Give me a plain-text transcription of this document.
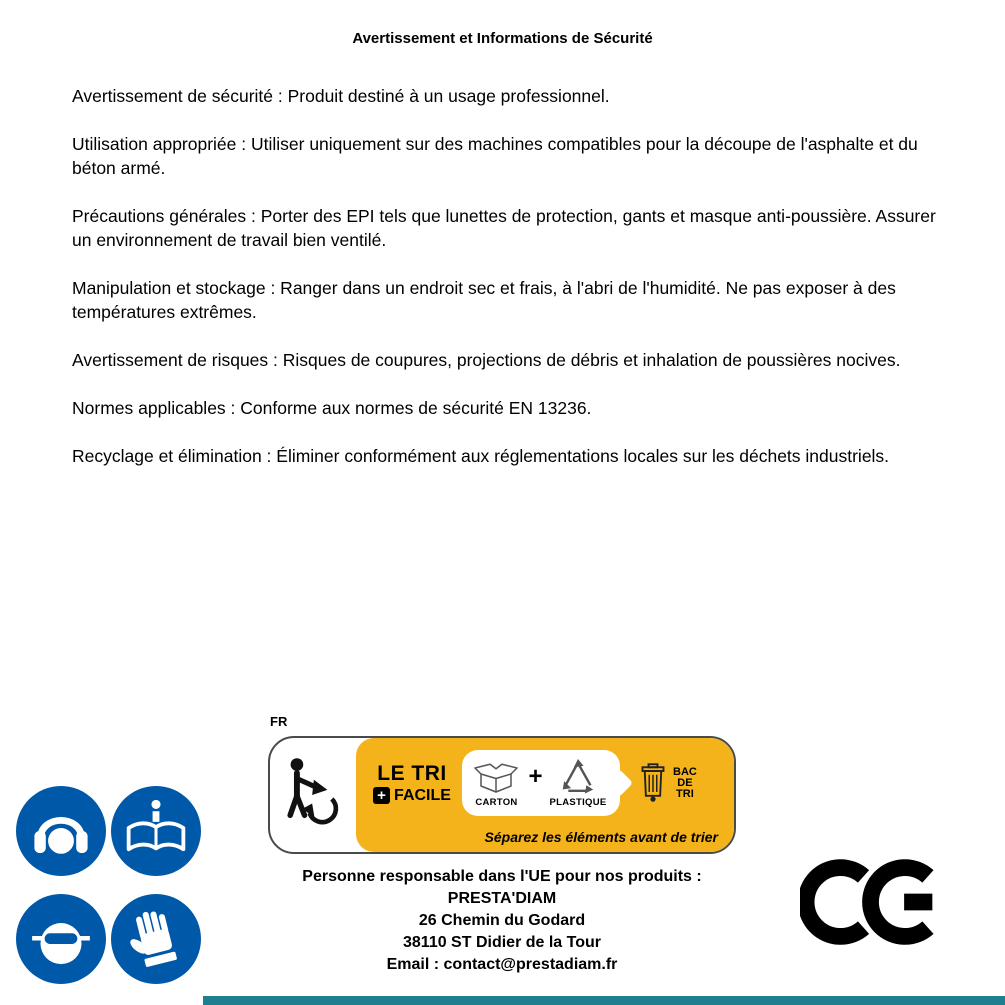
Avertissement et Informations de Sécurité

Avertissement de sécurité : Produit destiné à un usage professionnel.

Utilisation appropriée : Utiliser uniquement sur des machines compatibles pour la découpe de l'asphalte et du béton armé.

Précautions générales : Porter des EPI tels que lunettes de protection, gants et masque anti-poussière. Assurer un environnement de travail bien ventilé.

Manipulation et stockage : Ranger dans un endroit sec et frais, à l'abri de l'humidité. Ne pas exposer à des températures extrêmes.

Avertissement de risques : Risques de coupures, projections de débris et inhalation de poussières nocives.

Normes applicables : Conforme aux normes de sécurité EN 13236.

Recyclage et élimination : Éliminer conformément aux réglementations locales sur les déchets industriels.

FR
LE TRI
+ FACILE	CARTON
+
PLASTIQUE
BAC
DE
TRI
Séparez les éléments avant de trier
Personne responsable dans l'UE pour nos produits :
PRESTA'DIAM
26 Chemin du Godard
38110 ST Didier de la Tour
Email : contact@prestadiam.fr
